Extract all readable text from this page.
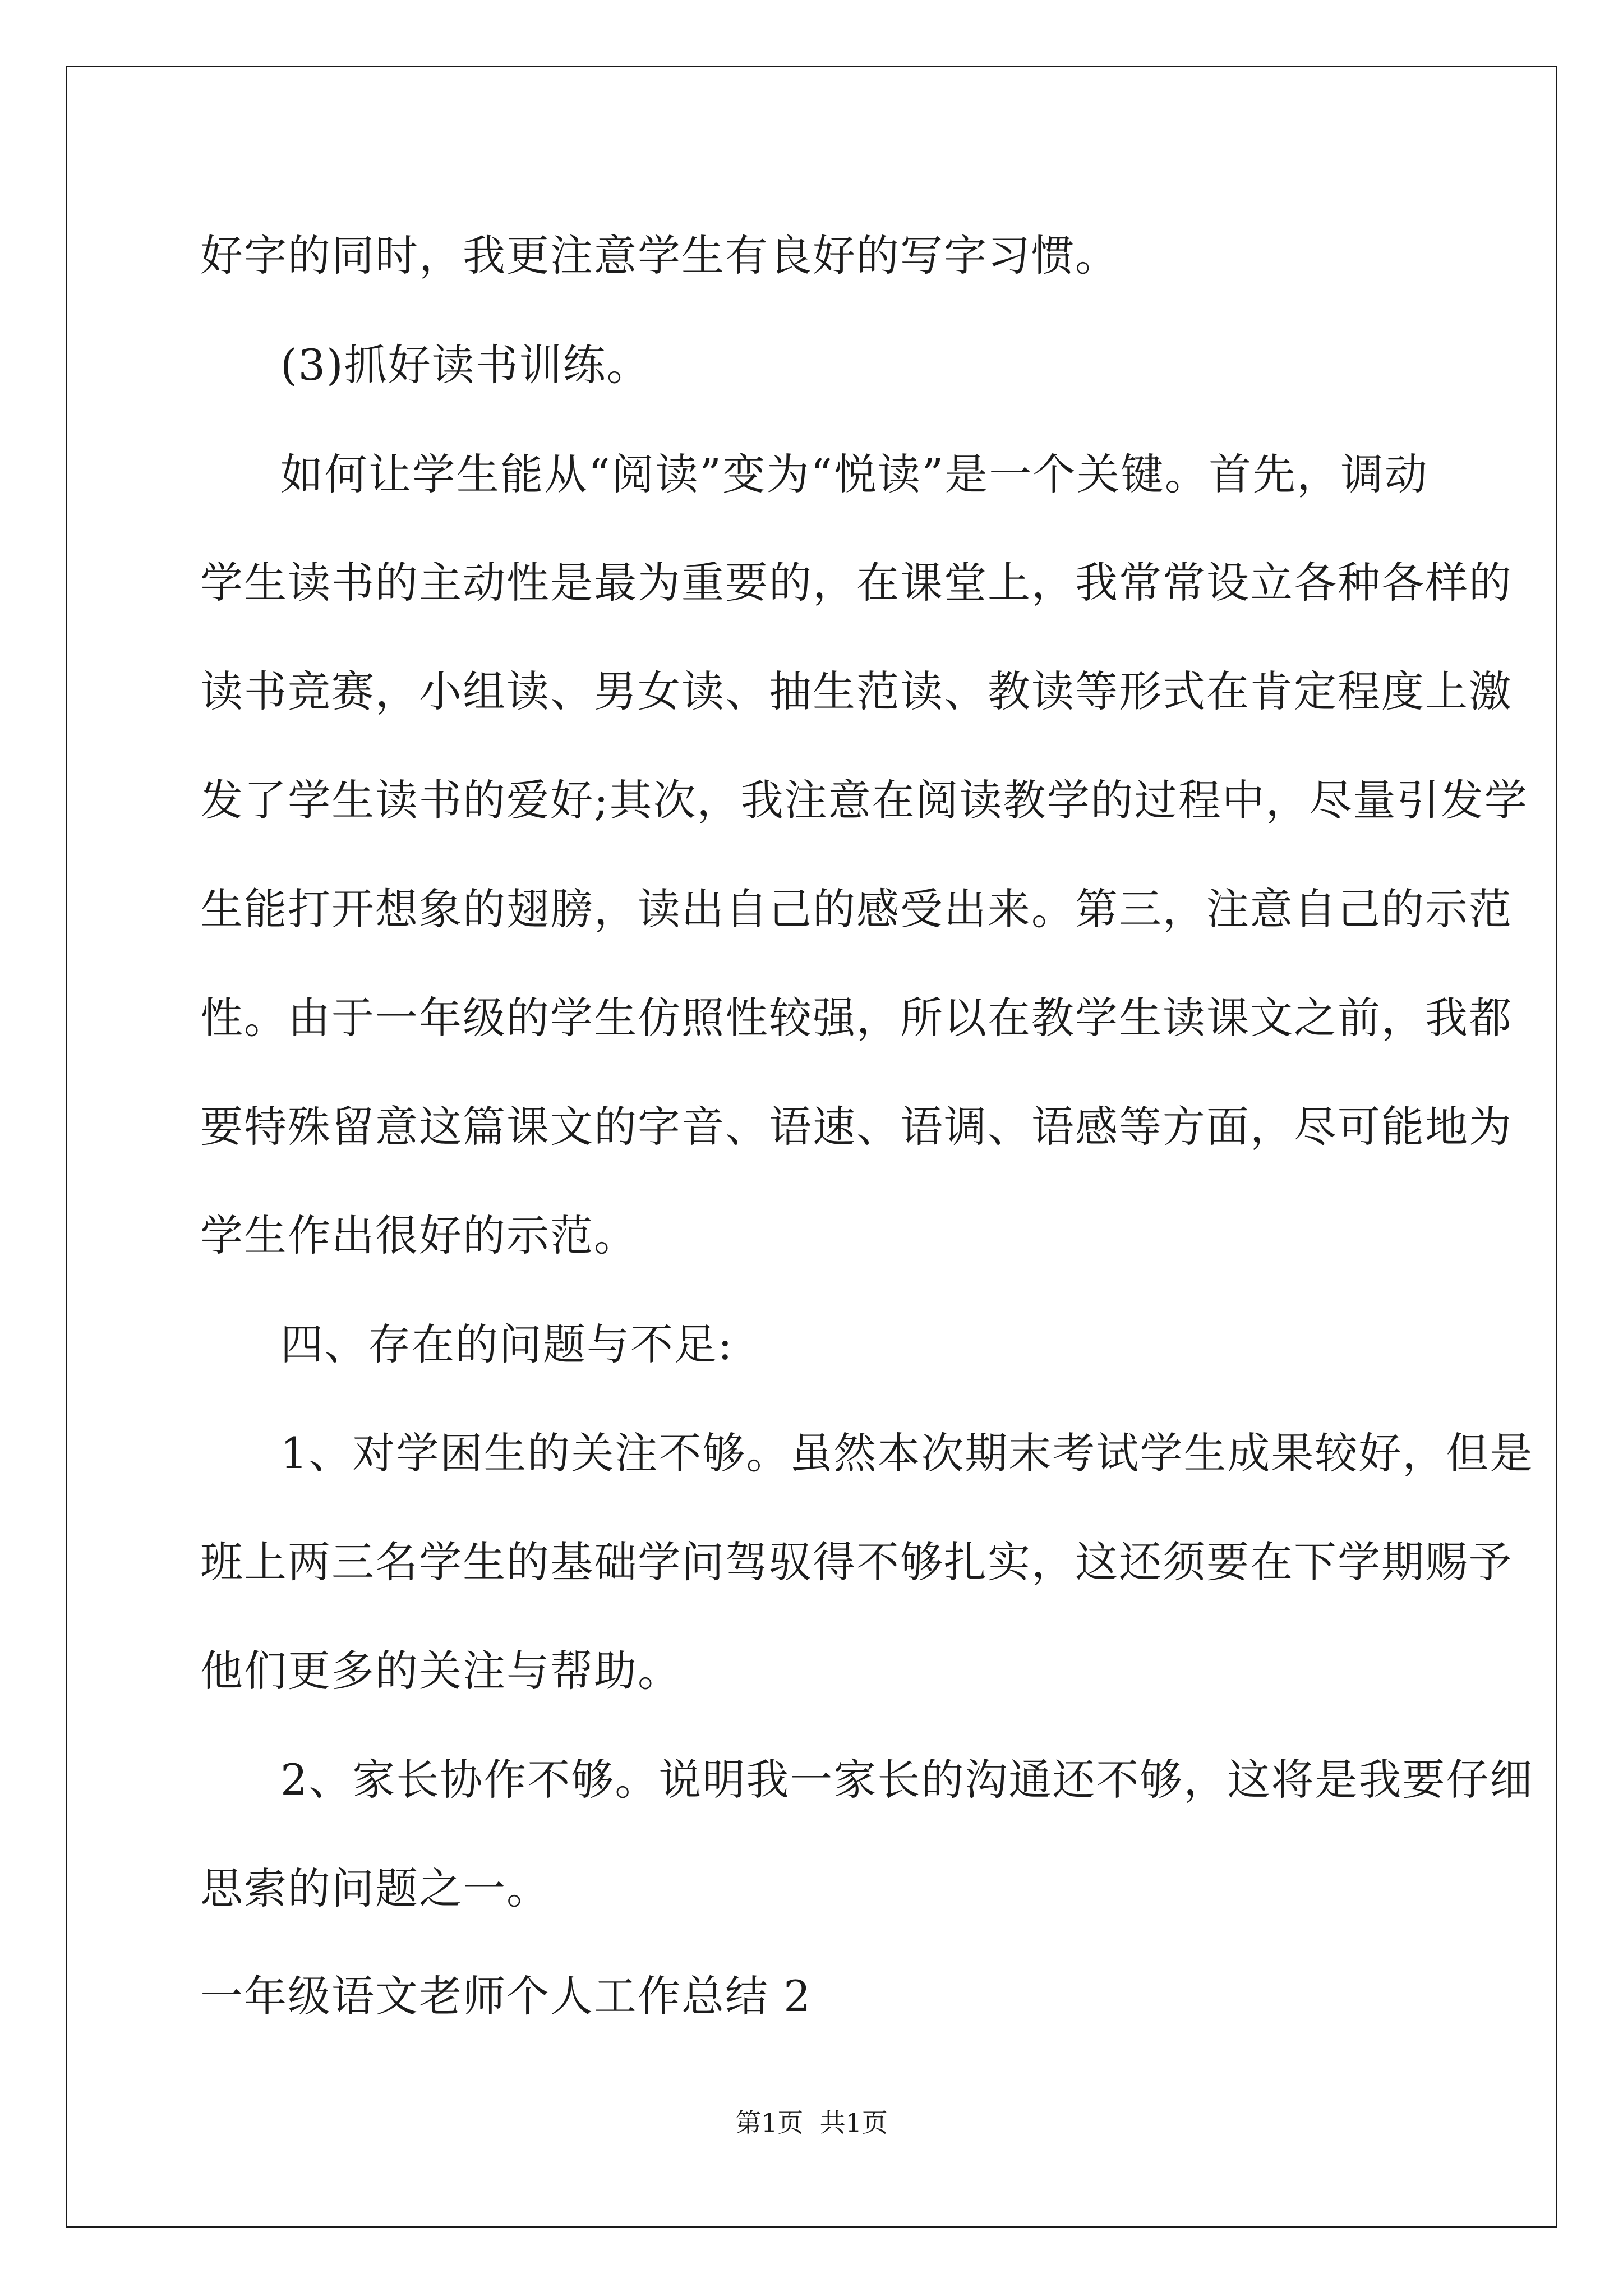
好字的同时，我更注意学生有良好的写字习惯。
(3)抓好读书训练。
如何让学生能从“阅读”变为“悦读”是一个关键。首先，调动
学生读书的主动性是最为重要的，在课堂上，我常常设立各种各样的
读书竞赛，小组读、男女读、抽生范读、教读等形式在肯定程度上激
发了学生读书的爱好;其次，我注意在阅读教学的过程中，尽量引发学
生能打开想象的翅膀，读出自己的感受出来。第三，注意自己的示范
性。由于一年级的学生仿照性较强，所以在教学生读课文之前，我都
要特殊留意这篇课文的字音、语速、语调、语感等方面，尽可能地为
学生作出很好的示范。
四、存在的问题与不足:
1、对学困生的关注不够。虽然本次期末考试学生成果较好，但是
班上两三名学生的基础学问驾驭得不够扎实，这还须要在下学期赐予
他们更多的关注与帮助。
2、家长协作不够。说明我一家长的沟通还不够，这将是我要仔细
思索的问题之一。
一年级语文老师个人工作总结 2
第1页  共1页
